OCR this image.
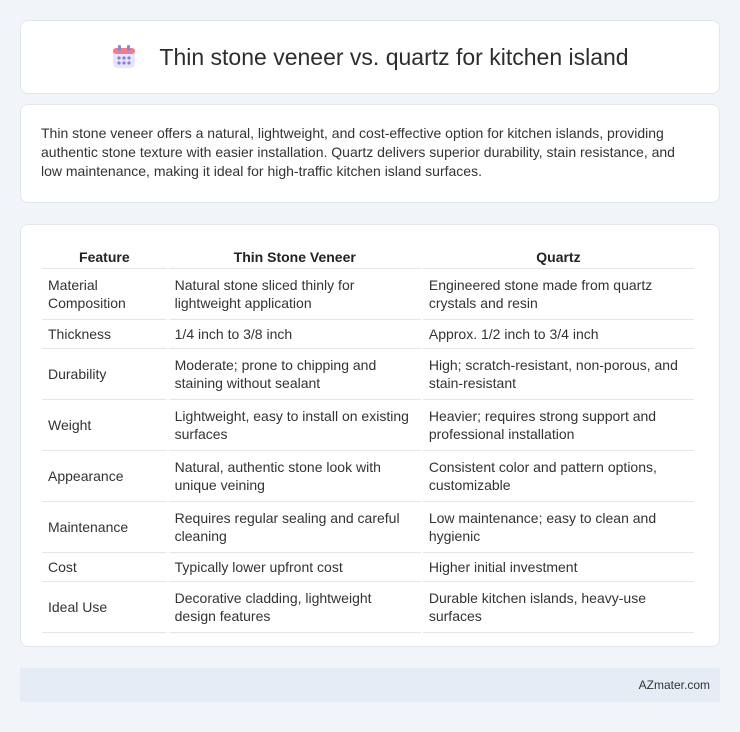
Thin stone veneer vs. quartz for kitchen island

Thin stone veneer offers a natural, lightweight, and cost-effective option for kitchen islands, providing authentic stone texture with easier installation. Quartz delivers superior durability, stain resistance, and low maintenance, making it ideal for high-traffic kitchen island surfaces.

Feature	Thin Stone Veneer	Quartz
Material Composition	Natural stone sliced thinly for lightweight application	Engineered stone made from quartz crystals and resin
Thickness	1/4 inch to 3/8 inch	Approx. 1/2 inch to 3/4 inch
Durability	Moderate; prone to chipping and staining without sealant	High; scratch-resistant, non-porous, and stain-resistant
Weight	Lightweight, easy to install on existing surfaces	Heavier; requires strong support and professional installation
Appearance	Natural, authentic stone look with unique veining	Consistent color and pattern options, customizable
Maintenance	Requires regular sealing and careful cleaning	Low maintenance; easy to clean and hygienic
Cost	Typically lower upfront cost	Higher initial investment
Ideal Use	Decorative cladding, lightweight design features	Durable kitchen islands, heavy-use surfaces
AZmater.com
